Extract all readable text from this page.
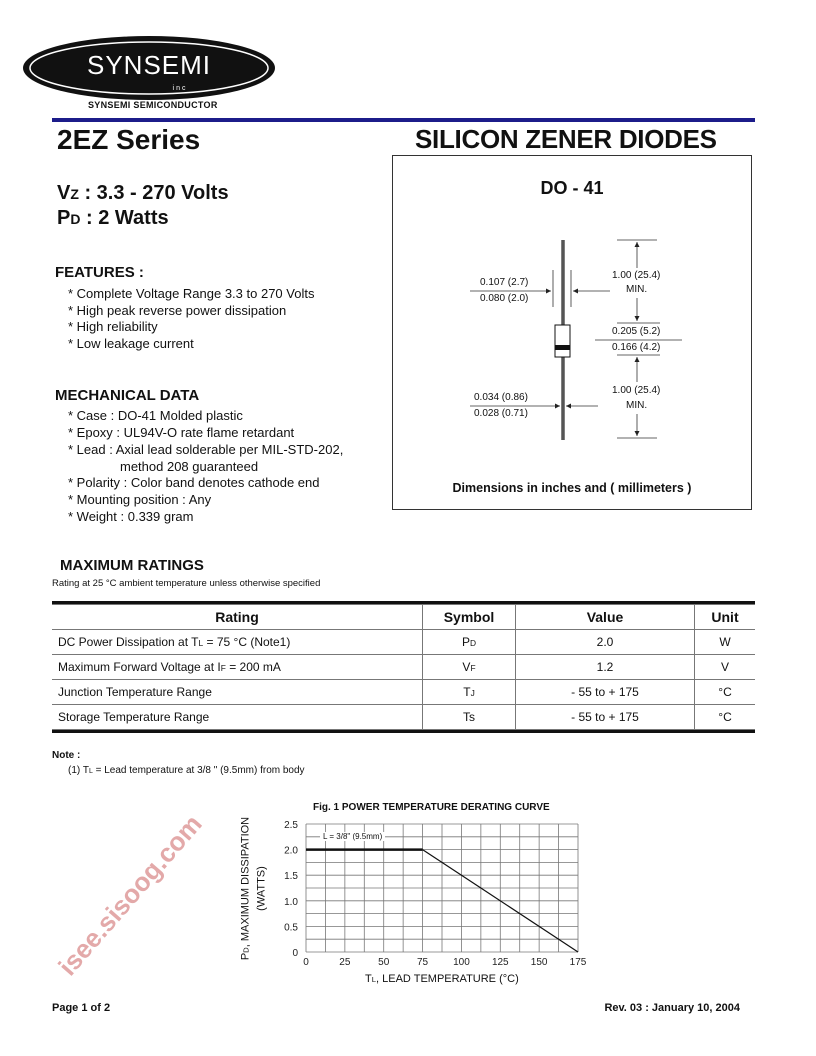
SYNSEMI
inc
SYNSEMI SEMICONDUCTOR
2EZ Series	SILICON ZENER DIODES
VZ : 3.3 - 270 Volts
PD : 2 Watts
FEATURES :
* Complete Voltage Range 3.3 to 270 Volts
* High peak reverse power dissipation
* High reliability
* Low leakage current
MECHANICAL DATA
* Case : DO-41 Molded plastic
* Epoxy : UL94V-O rate flame retardant
* Lead : Axial lead solderable per MIL-STD-202,
method 208 guaranteed
* Polarity : Color band denotes cathode end
* Mounting position : Any
* Weight : 0.339 gram
DO - 41
0.107 (2.7)
0.080 (2.0)
1.00 (25.4)
MIN.
0.205 (5.2)
0.166 (4.2)
1.00 (25.4)
MIN.
0.034 (0.86)
0.028 (0.71)
Dimensions in inches and ( millimeters )
MAXIMUM RATINGS
Rating at 25 °C ambient temperature unless otherwise specified
Rating	Symbol	Value	Unit
DC Power Dissipation at TL = 75 °C (Note1)	PD	2.0	W
Maximum Forward Voltage at IF = 200 mA	VF	1.2	V
Junction Temperature Range	TJ	- 55 to + 175	°C
Storage Temperature Range	Ts	- 55 to + 175	°C
Note :
(1) TL = Lead temperature at 3/8 " (9.5mm) from body
Fig. 1 POWER TEMPERATURE DERATING CURVE
0	25	50	75 100 125 150 175
0
0.5
1.0
1.5
2.0
2.5
TL, LEAD TEMPERATURE (°C)
PD, MAXIMUM DISSIPATION (WATTS)
L = 3/8" (9.5mm)
Page 1 of 2	Rev. 03 : January 10, 2004
isee.sisoog.com
